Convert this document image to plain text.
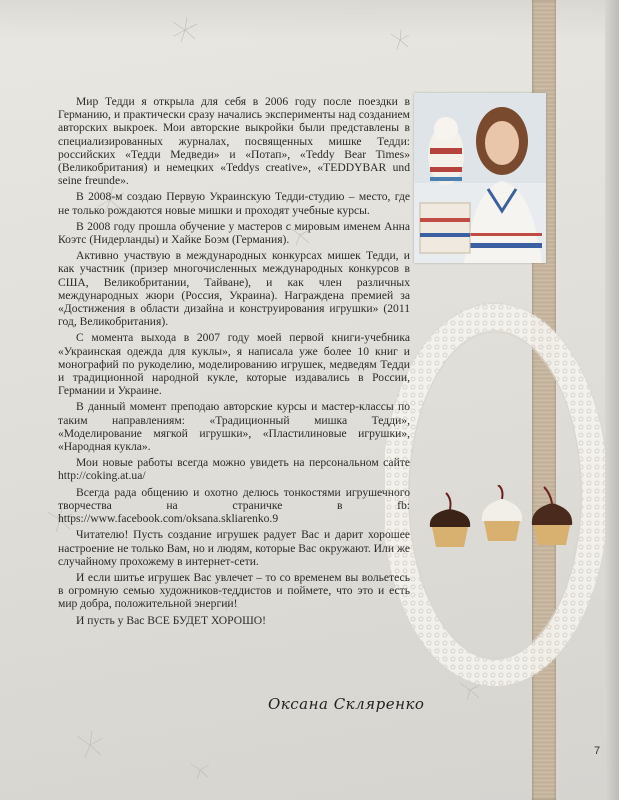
Мир Тедди я открыла для себя в 2006 году после поездки в Германию, и практически сразу начались эксперименты над созданием авторских выкроек. Мои авторские выкройки были представлены в специализированных журналах, посвященных мишке Тедди: российских «Тедди Медведи» и «Потап», «Teddy Bear Times» (Великобритания) и немецких «Teddys creative», «TEDDYBAR und seine freunde».

В 2008-м создаю Первую Украинскую Тедди-студию – место, где не только рождаются новые мишки и проходят учебные курсы.

В 2008 году прошла обучение у мастеров с мировым именем Анна Коэтс (Нидерланды) и Хайке Боэм (Германия).

Активно участвую в международных конкурсах мишек Тедди, и как участник (призер многочисленных международных конкурсов в США, Великобритании, Тайване), и как член различных международных жюри (Россия, Украина). Награждена премией за «Достижения в области дизайна и конструирования игрушки» (2011 год, Великобритания).

С момента выхода в 2007 году моей первой книги-учебника «Украинская одежда для куклы», я написала уже более 10 книг и монографий по рукоделию, моделированию игрушек, медведям Тедди и традиционной народной кукле, которые издавались в России, Германии и Украине.

В данный момент преподаю авторские курсы и мастер-классы по таким направлениям: «Традиционный мишка Тедди», «Моделирование мягкой игрушки», «Пластилиновые игрушки», «Народная кукла».

Мои новые работы всегда можно увидеть на персональном сайте http://coking.at.ua/

Всегда рада общению и охотно делюсь тонкостями игрушечного творчества на страничке в fb: https://www.facebook.com/oksana.skliarenko.9

Читателю! Пусть создание игрушек радует Вас и дарит хорошее настроение не только Вам, но и людям, которые Вас окружают. Или же случайному прохожему в интернет-сети.

И если шитье игрушек Вас увлечет – то со временем вы вольетесь в огромную семью художников-теддистов и поймете, что это и есть мир добра, положительной энергии!

И пусть у Вас ВСЕ БУДЕТ ХОРОШО!

Оксана Скляренко
7
